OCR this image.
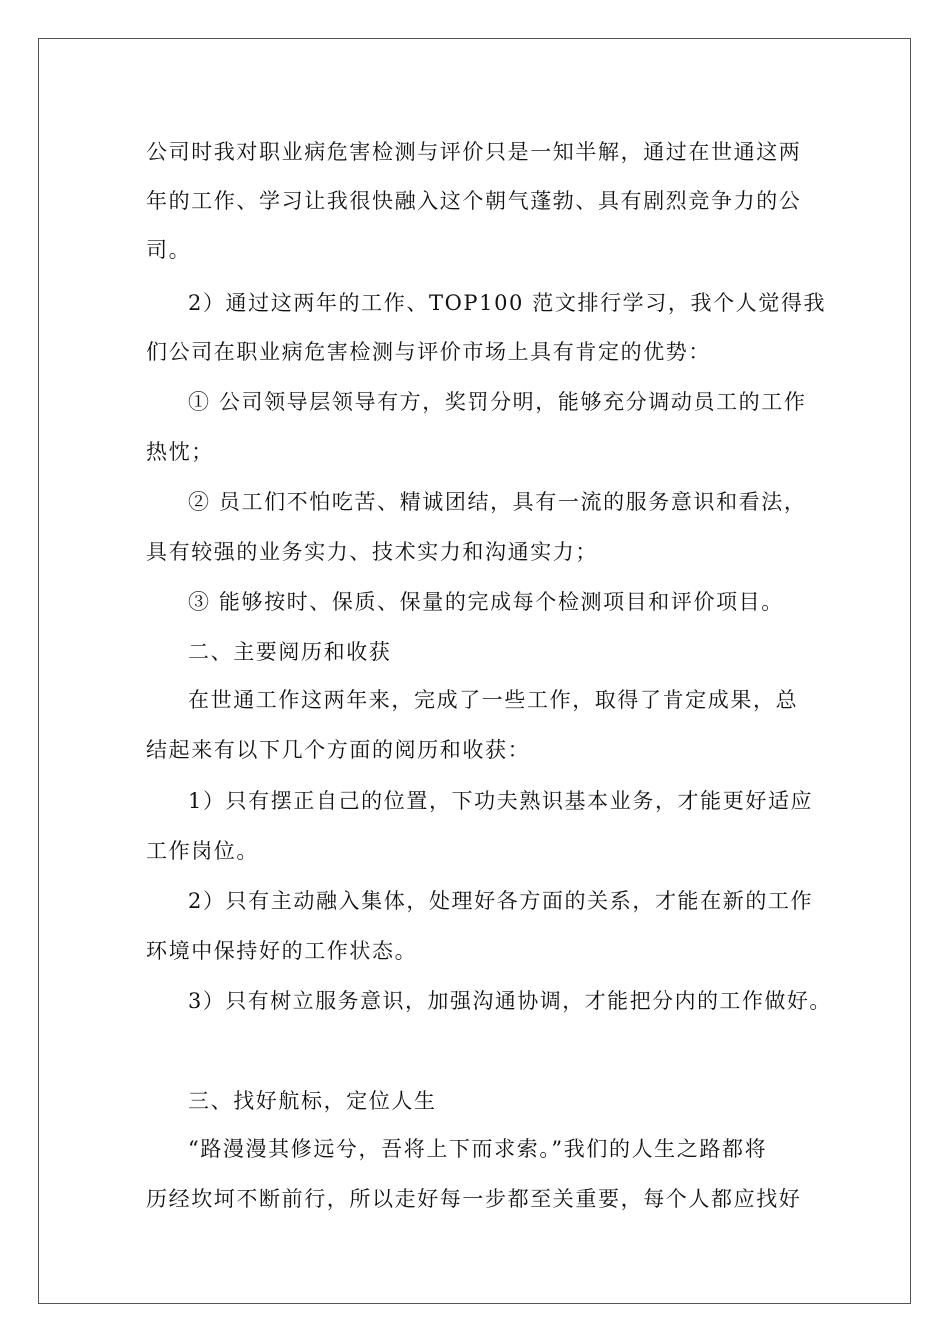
公司时我对职业病危害检测与评价只是一知半解，通过在世通这两
年的工作、学习让我很快融入这个朝气蓬勃、具有剧烈竞争力的公
司。
2）通过这两年的工作、TOP100 范文排行学习，我个人觉得我
们公司在职业病危害检测与评价市场上具有肯定的优势：
① 公司领导层领导有方，奖罚分明，能够充分调动员工的工作
热忱；
② 员工们不怕吃苦、精诚团结，具有一流的服务意识和看法，
具有较强的业务实力、技术实力和沟通实力；
③ 能够按时、保质、保量的完成每个检测项目和评价项目。
二、主要阅历和收获
在世通工作这两年来，完成了一些工作，取得了肯定成果，总
结起来有以下几个方面的阅历和收获：
1）只有摆正自己的位置，下功夫熟识基本业务，才能更好适应
工作岗位。
2）只有主动融入集体，处理好各方面的关系，才能在新的工作
环境中保持好的工作状态。
3）只有树立服务意识，加强沟通协调，才能把分内的工作做好。
三、找好航标，定位人生
“路漫漫其修远兮，吾将上下而求索。”我们的人生之路都将
历经坎坷不断前行，所以走好每一步都至关重要，每个人都应找好
